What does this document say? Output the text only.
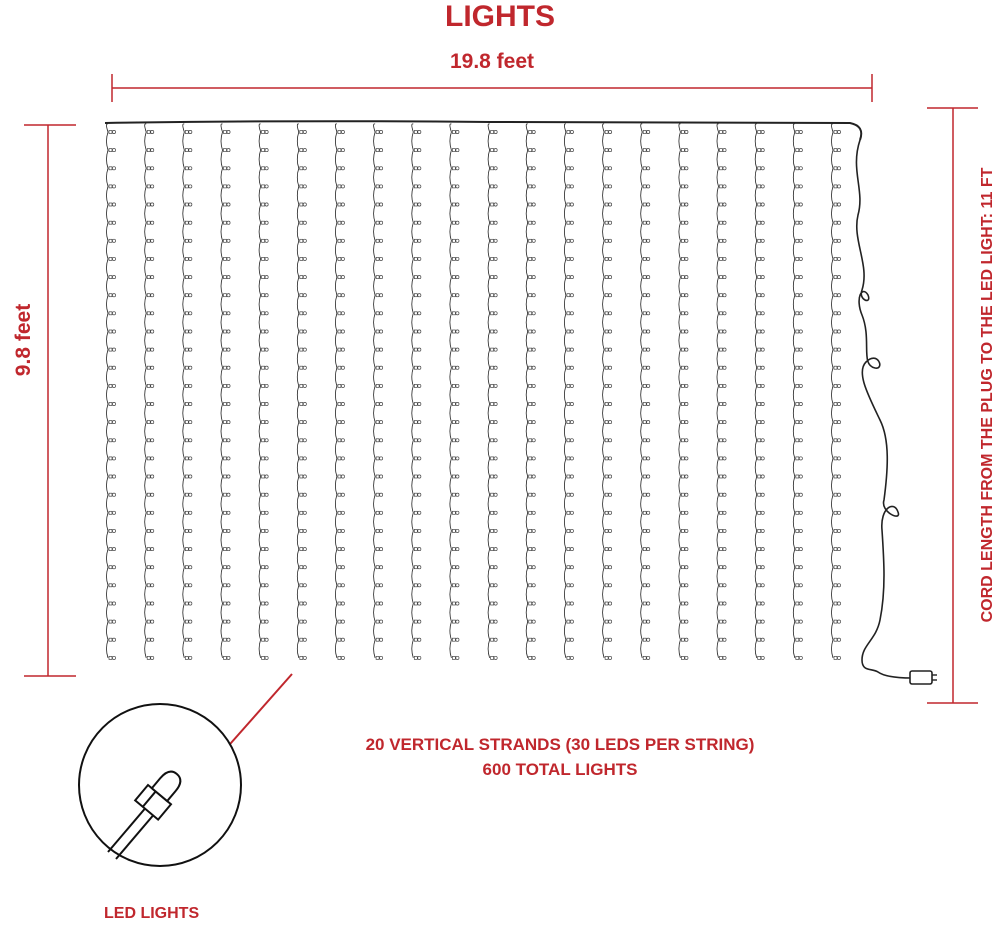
LIGHTS
19.8 feet
9.8 feet	CORD LENGTH FROM THE PLUG TO THE LED LIGHT: 11 FT
20 VERTICAL STRANDS (30 LEDS PER STRING)
600 TOTAL LIGHTS
LED LIGHTS
